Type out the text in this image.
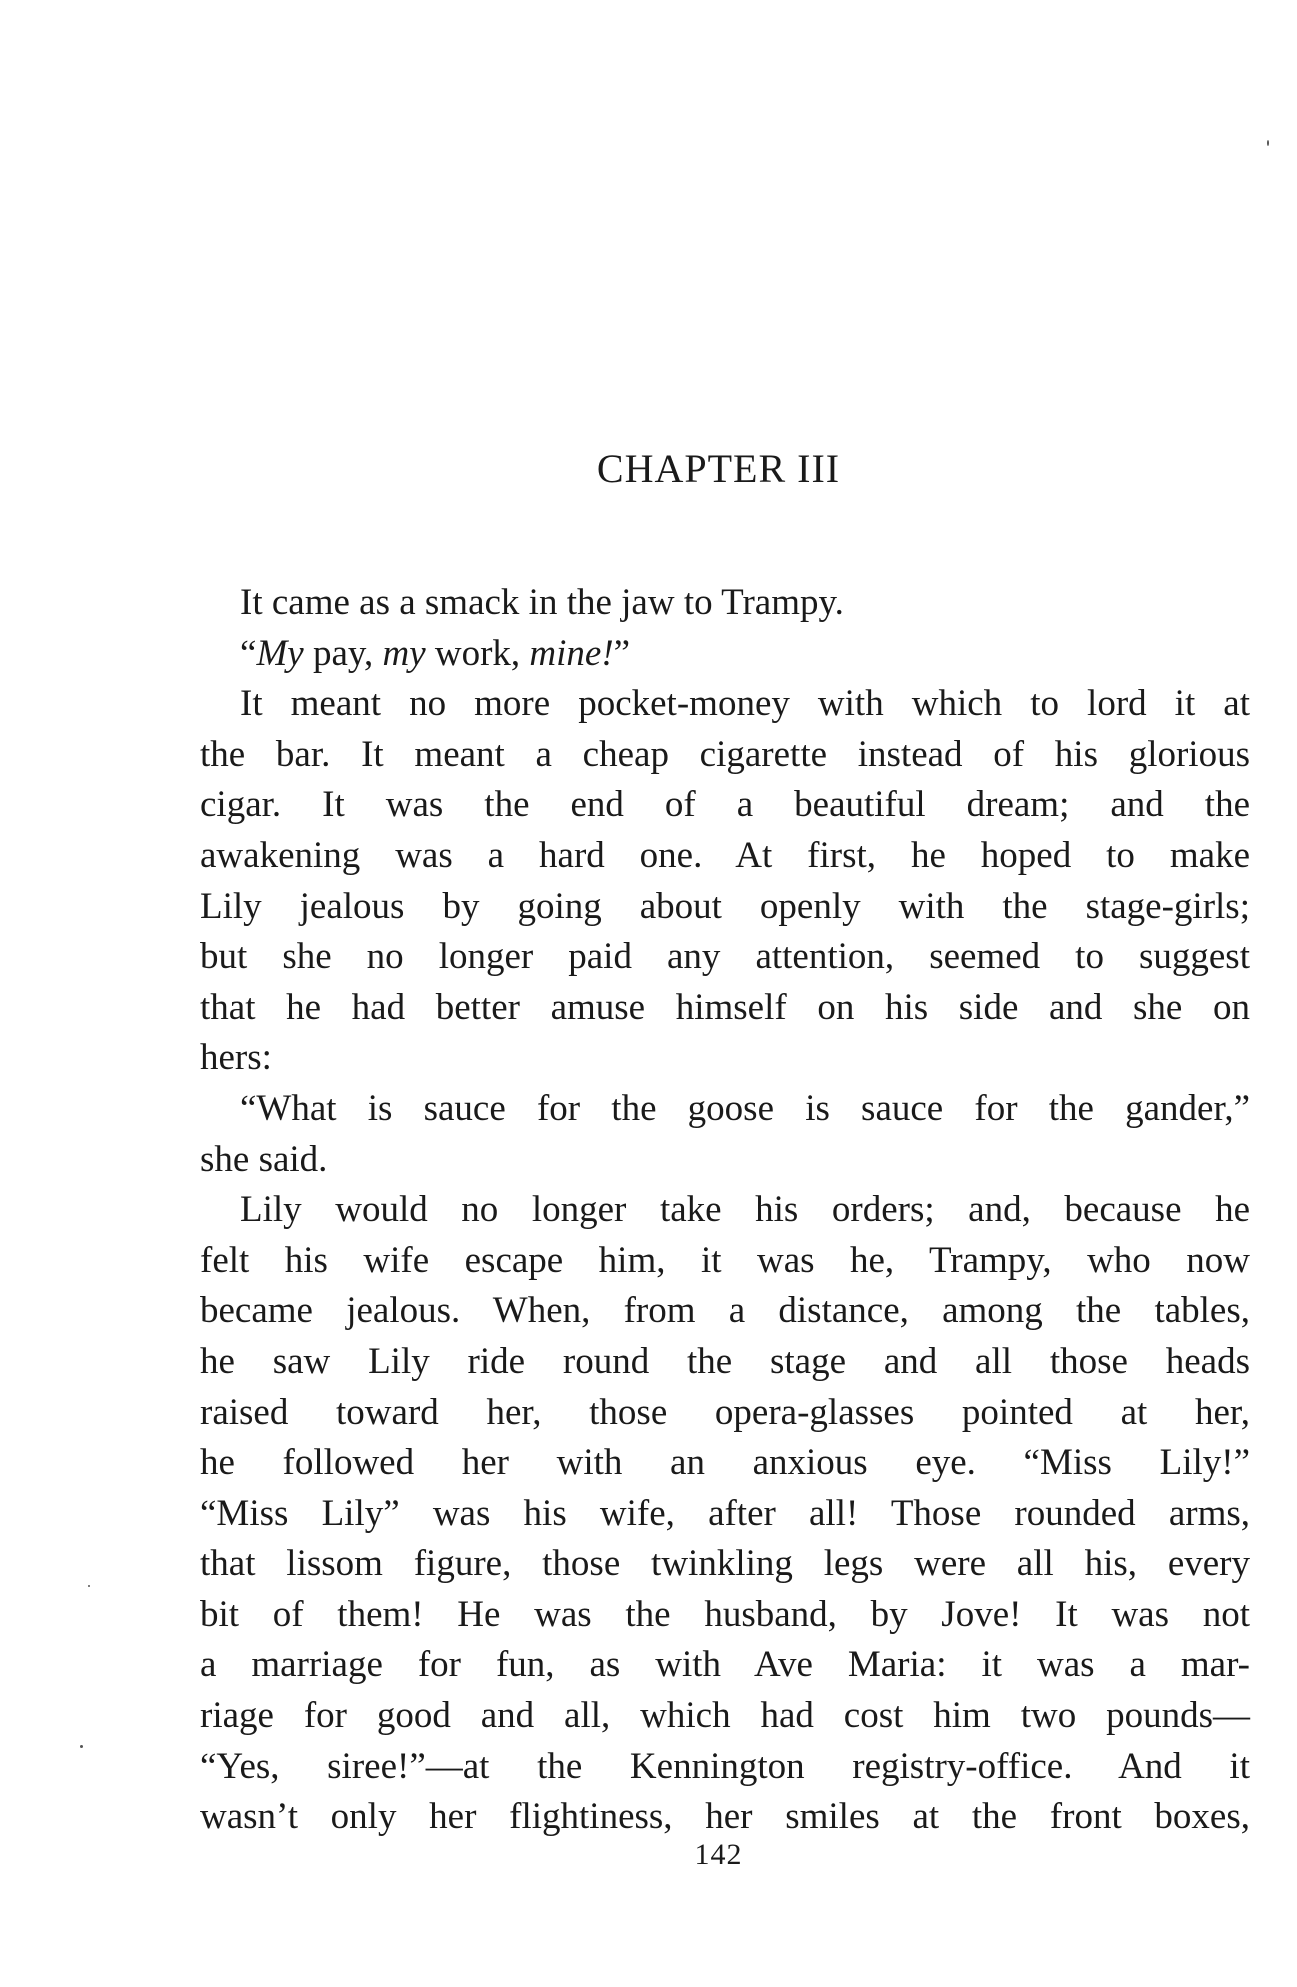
CHAPTER III
It came as a smack in the jaw to Trampy.
“My pay, my work, mine!”
It meant no more pocket-money with which to lord it at
the bar. It meant a cheap cigarette instead of his glorious
cigar. It was the end of a beautiful dream; and the
awakening was a hard one. At first, he hoped to make
Lily jealous by going about openly with the stage-girls;
but she no longer paid any attention, seemed to suggest
that he had better amuse himself on his side and she on
hers:
“What is sauce for the goose is sauce for the gander,”
she said.
Lily would no longer take his orders; and, because he
felt his wife escape him, it was he, Trampy, who now
became jealous. When, from a distance, among the tables,
he saw Lily ride round the stage and all those heads
raised toward her, those opera-glasses pointed at her,
he followed her with an anxious eye. “Miss Lily!”
“Miss Lily” was his wife, after all! Those rounded arms,
that lissom figure, those twinkling legs were all his, every
bit of them! He was the husband, by Jove! It was not
a marriage for fun, as with Ave Maria: it was a mar-
riage for good and all, which had cost him two pounds—
“Yes, siree!”—at the Kennington registry-office. And it
wasn’t only her flightiness, her smiles at the front boxes,
142
